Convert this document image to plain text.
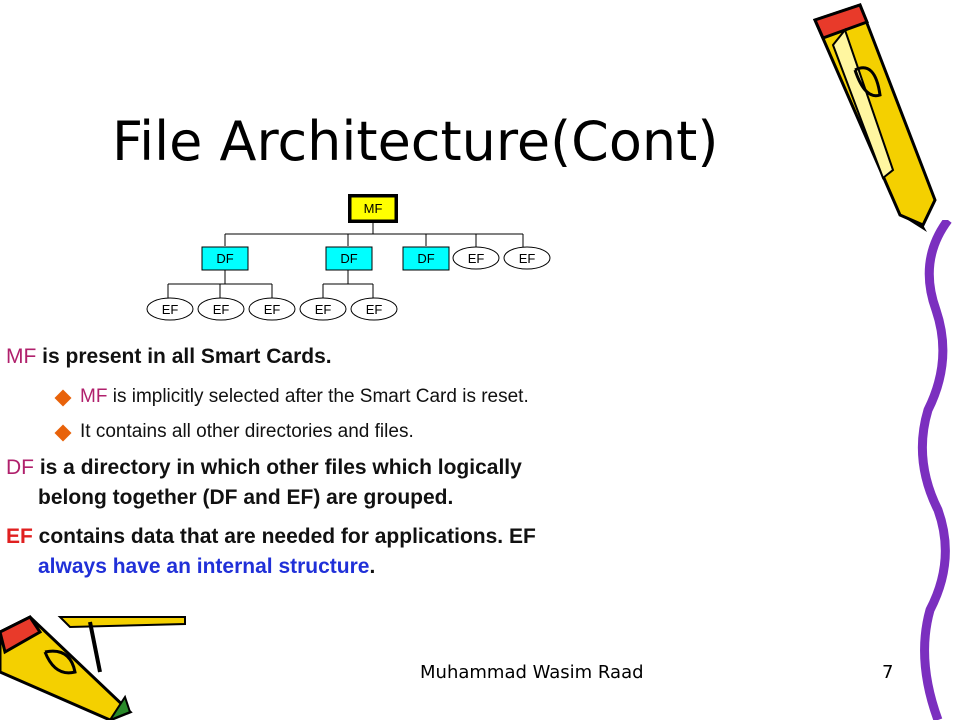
File Architecture(Cont)
MF
DF	DF	DF	EF	EF
EF	EF	EF	EF	EF
MF is present in all Smart Cards.
MF is implicitly selected after the Smart Card is reset.
It contains all other directories and files.
DF is a directory in which other files which logically
belong together (DF and EF) are grouped.
EF contains data that are needed for applications. EF
always have an internal structure.
Muhammad Wasim Raad	7
